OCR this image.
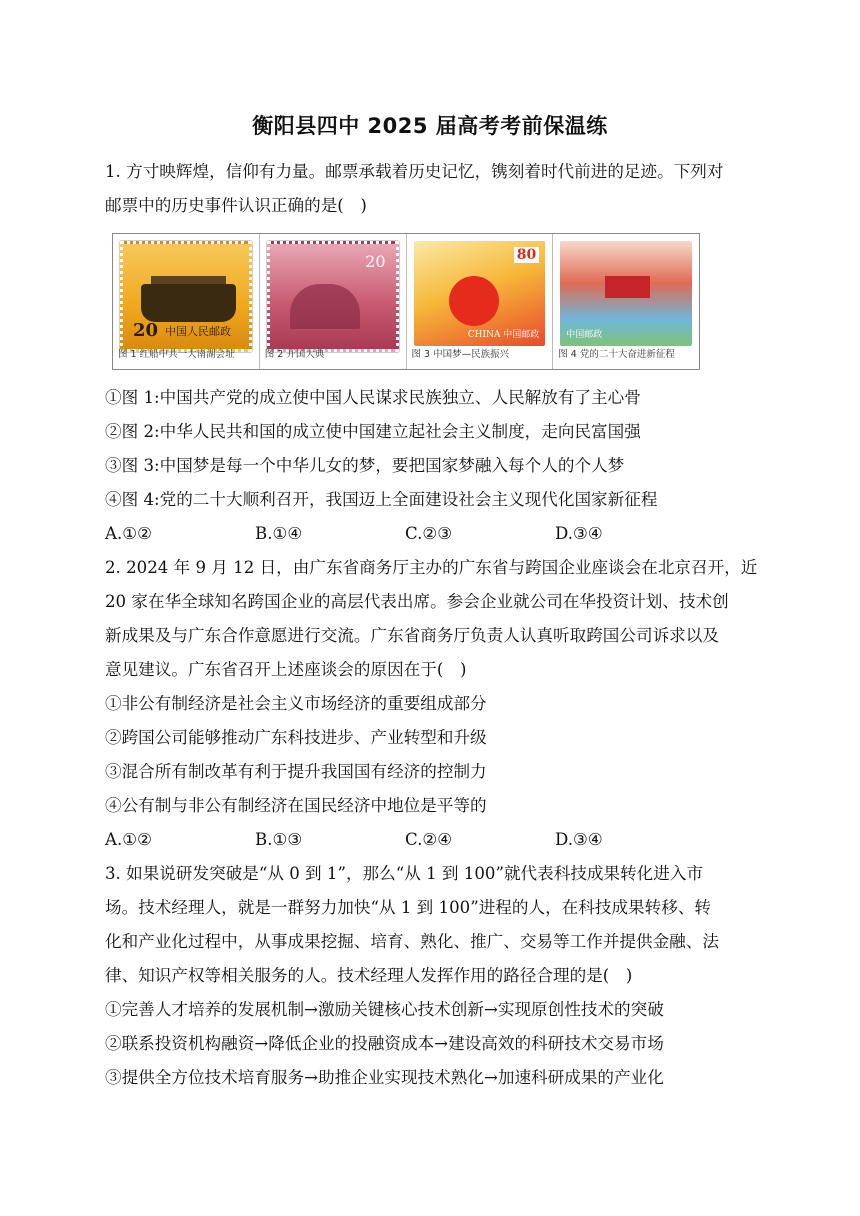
衡阳县四中 2025 届高考考前保温练
1. 方寸映辉煌，信仰有力量。邮票承载着历史记忆，镌刻着时代前进的足迹。下列对
邮票中的历史事件认识正确的是(　)
20 中国人民邮政
图 1 红船中共一大南湖会址
20
图 2 开国大典
80
CHINA 中国邮政
图 3 中国梦—民族振兴
中国邮政
图 4 党的二十大奋进新征程
①图 1:中国共产党的成立使中国人民谋求民族独立、人民解放有了主心骨
②图 2:中华人民共和国的成立使中国建立起社会主义制度，走向民富国强
③图 3:中国梦是每一个中华儿女的梦，要把国家梦融入每个人的个人梦
④图 4:党的二十大顺利召开，我国迈上全面建设社会主义现代化国家新征程
A.①②	B.①④	C.②③	D.③④
2. 2024 年 9 月 12 日，由广东省商务厅主办的广东省与跨国企业座谈会在北京召开，近
20 家在华全球知名跨国企业的高层代表出席。参会企业就公司在华投资计划、技术创
新成果及与广东合作意愿进行交流。广东省商务厅负责人认真听取跨国公司诉求以及
意见建议。广东省召开上述座谈会的原因在于(　)
①非公有制经济是社会主义市场经济的重要组成部分
②跨国公司能够推动广东科技进步、产业转型和升级
③混合所有制改革有利于提升我国国有经济的控制力
④公有制与非公有制经济在国民经济中地位是平等的
A.①②	B.①③	C.②④	D.③④
3. 如果说研发突破是“从 0 到 1”，那么“从 1 到 100”就代表科技成果转化进入市
场。技术经理人，就是一群努力加快“从 1 到 100”进程的人，在科技成果转移、转
化和产业化过程中，从事成果挖掘、培育、熟化、推广、交易等工作并提供金融、法
律、知识产权等相关服务的人。技术经理人发挥作用的路径合理的是(　)
①完善人才培养的发展机制→激励关键核心技术创新→实现原创性技术的突破
②联系投资机构融资→降低企业的投融资成本→建设高效的科研技术交易市场
③提供全方位技术培育服务→助推企业实现技术熟化→加速科研成果的产业化
